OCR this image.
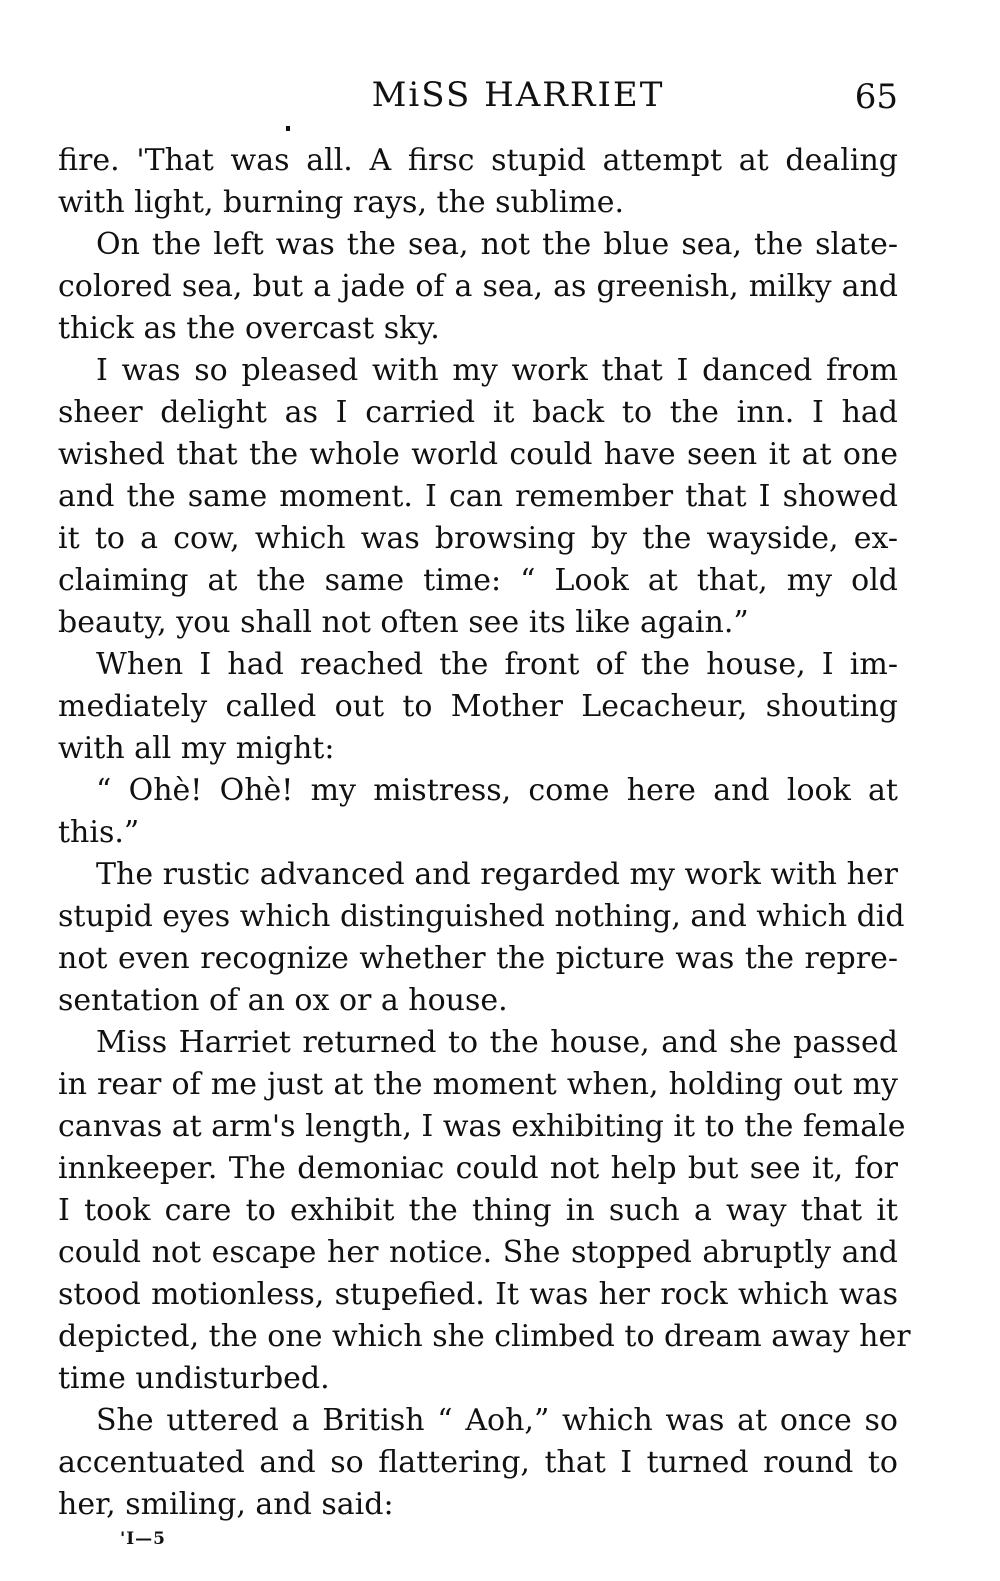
MiSS HARRIET	65
fire. 'That was all. A firsc stupid attempt at dealing
with light, burning rays, the sublime.
On the left was the sea, not the blue sea, the slate-
colored sea, but a jade of a sea, as greenish, milky and
thick as the overcast sky.
I was so pleased with my work that I danced from
sheer delight as I carried it back to the inn. I had
wished that the whole world could have seen it at one
and the same moment. I can remember that I showed
it to a cow, which was browsing by the wayside, ex-
claiming at the same time: “ Look at that, my old
beauty, you shall not often see its like again.”
When I had reached the front of the house, I im-
mediately called out to Mother Lecacheur, shouting
with all my might:
“ Ohè! Ohè! my mistress, come here and look at
this.”
The rustic advanced and regarded my work with her
stupid eyes which distinguished nothing, and which did
not even recognize whether the picture was the repre-
sentation of an ox or a house.
Miss Harriet returned to the house, and she passed
in rear of me just at the moment when, holding out my
canvas at arm's length, I was exhibiting it to the female
innkeeper. The demoniac could not help but see it, for
I took care to exhibit the thing in such a way that it
could not escape her notice. She stopped abruptly and
stood motionless, stupefied. It was her rock which was
depicted, the one which she climbed to dream away her
time undisturbed.
She uttered a British “ Aoh,” which was at once so
accentuated and so flattering, that I turned round to
her, smiling, and said:
'I—5
